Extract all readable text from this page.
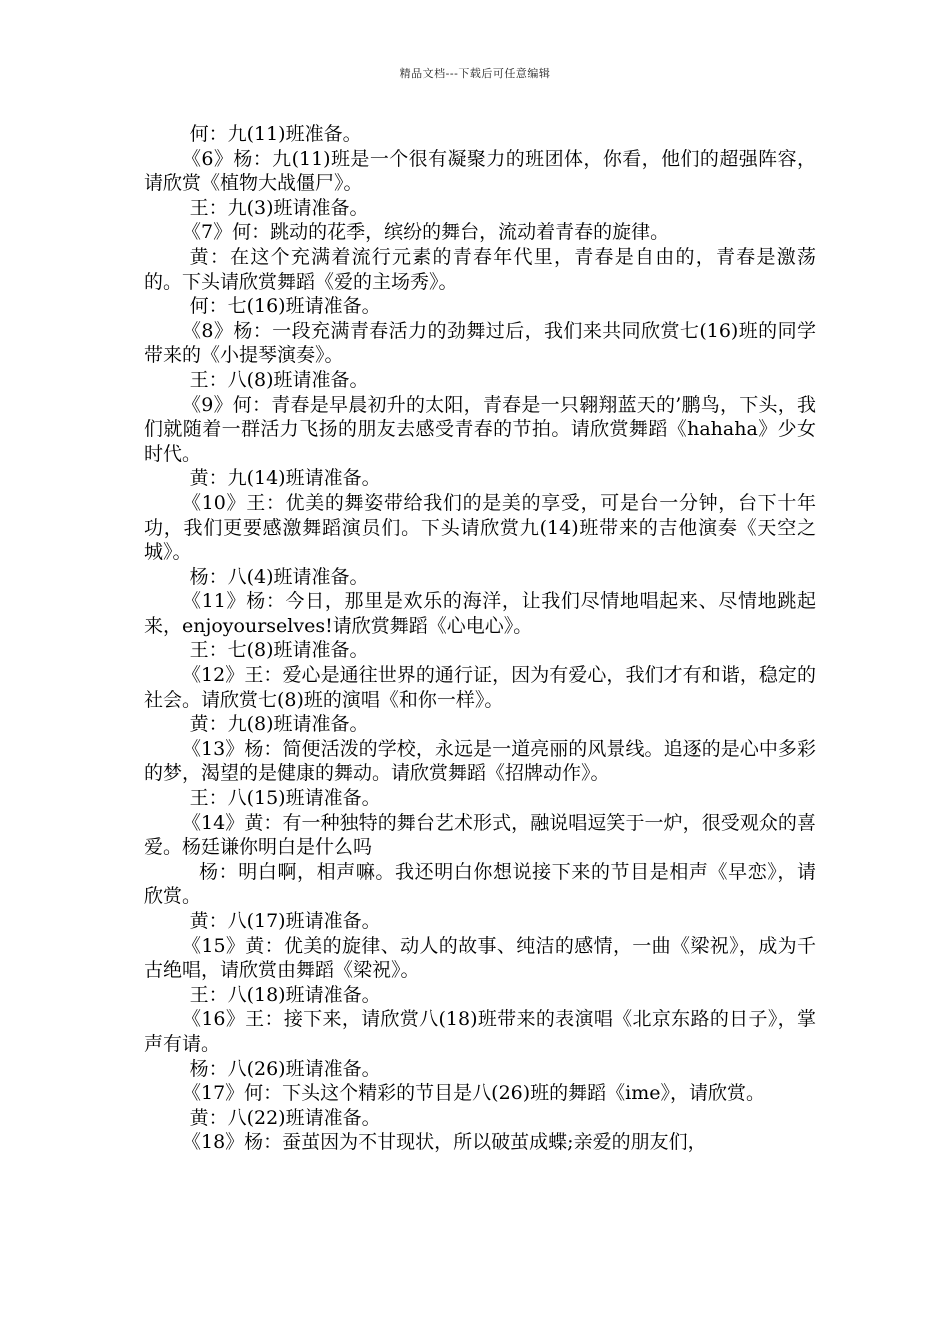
精品文档---下载后可任意编辑

何：九(11)班准备。

《6》杨：九(11)班是一个很有凝聚力的班团体，你看，他们的超强阵容，请欣赏《植物大战僵尸》。

王：九(3)班请准备。

《7》何：跳动的花季，缤纷的舞台，流动着青春的旋律。

黄：在这个充满着流行元素的青春年代里，青春是自由的，青春是激荡的。下头请欣赏舞蹈《爱的主场秀》。

何：七(16)班请准备。

《8》杨：一段充满青春活力的劲舞过后，我们来共同欣赏七(16)班的同学带来的《小提琴演奏》。

王：八(8)班请准备。

《9》何：青春是早晨初升的太阳，青春是一只翱翔蓝天的’鹏鸟，下头，我们就随着一群活力飞扬的朋友去感受青春的节拍。请欣赏舞蹈《hahaha》少女时代。

黄：九(14)班请准备。

《10》王：优美的舞姿带给我们的是美的享受，可是台一分钟，台下十年功，我们更要感激舞蹈演员们。下头请欣赏九(14)班带来的吉他演奏《天空之城》。

杨：八(4)班请准备。

《11》杨：今日，那里是欢乐的海洋，让我们尽情地唱起来、尽情地跳起来，enjoyourselves!请欣赏舞蹈《心电心》。

王：七(8)班请准备。

《12》王：爱心是通往世界的通行证，因为有爱心，我们才有和谐，稳定的社会。请欣赏七(8)班的演唱《和你一样》。

黄：九(8)班请准备。

《13》杨：简便活泼的学校，永远是一道亮丽的风景线。追逐的是心中多彩的梦，渴望的是健康的舞动。请欣赏舞蹈《招牌动作》。

王：八(15)班请准备。

《14》黄：有一种独特的舞台艺术形式，融说唱逗笑于一炉，很受观众的喜爱。杨廷谦你明白是什么吗

杨：明白啊，相声嘛。我还明白你想说接下来的节目是相声《早恋》，请欣赏。

黄：八(17)班请准备。

《15》黄：优美的旋律、动人的故事、纯洁的感情，一曲《梁祝》，成为千古绝唱，请欣赏由舞蹈《梁祝》。

王：八(18)班请准备。

《16》王：接下来，请欣赏八(18)班带来的表演唱《北京东路的日子》，掌声有请。

杨：八(26)班请准备。

《17》何：下头这个精彩的节目是八(26)班的舞蹈《ime》，请欣赏。

黄：八(22)班请准备。

《18》杨：蚕茧因为不甘现状，所以破茧成蝶;亲爱的朋友们，
